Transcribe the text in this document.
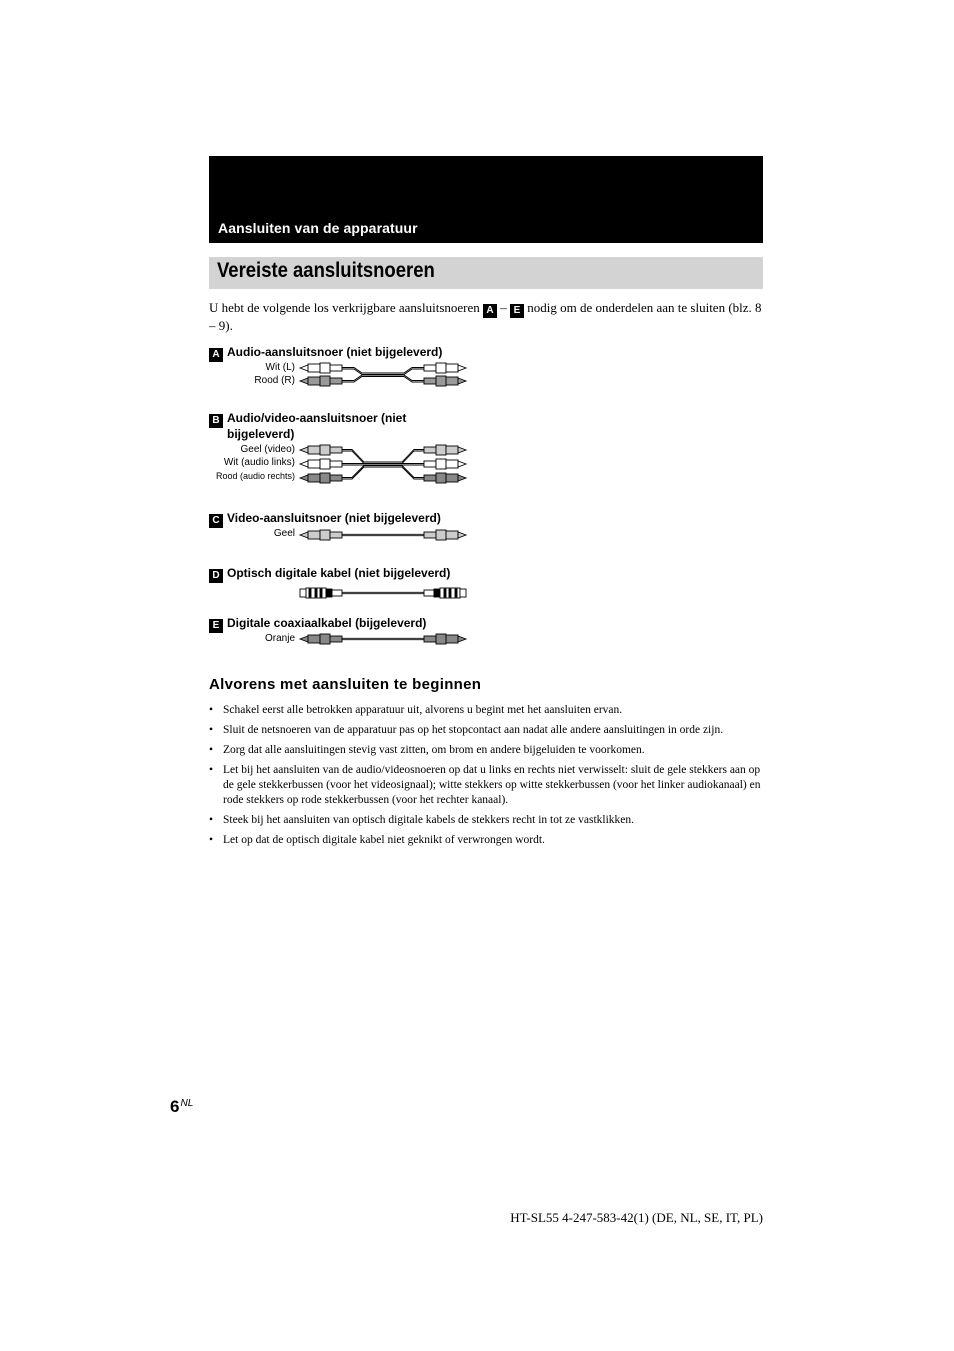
Aansluiten van de apparatuur
Vereiste aansluitsnoeren
U hebt de volgende los verkrijgbare aansluitsnoeren A – E nodig om de onderdelen aan te sluiten (blz. 8 – 9).
A Audio-aansluitsnoer (niet bijgeleverd)
Wit (L)
Rood (R)
B Audio/video-aansluitsnoer (niet
bijgeleverd)
Geel (video)
Wit (audio links)
Rood (audio rechts)
C Video-aansluitsnoer (niet bijgeleverd)
Geel
D Optisch digitale kabel (niet bijgeleverd)
E Digitale coaxiaalkabel (bijgeleverd)
Oranje
Alvorens met aansluiten te beginnen
• Schakel eerst alle betrokken apparatuur uit, alvorens u begint met het aansluiten ervan.
• Sluit de netsnoeren van de apparatuur pas op het stopcontact aan nadat alle andere aansluitingen in orde zijn.
• Zorg dat alle aansluitingen stevig vast zitten, om brom en andere bijgeluiden te voorkomen.
• Let bij het aansluiten van de audio/videosnoeren op dat u links en rechts niet verwisselt: sluit de gele stekkers aan op de gele stekkerbussen (voor het videosignaal); witte stekkers op witte stekkerbussen (voor het linker audiokanaal) en rode stekkers op rode stekkerbussen (voor het rechter kanaal).
• Steek bij het aansluiten van optisch digitale kabels de stekkers recht in tot ze vastklikken.
• Let op dat de optisch digitale kabel niet geknikt of verwrongen wordt.
$6^{NL}$
HT-SL55 4-247-583-42(1) (DE, NL, SE, IT, PL)
